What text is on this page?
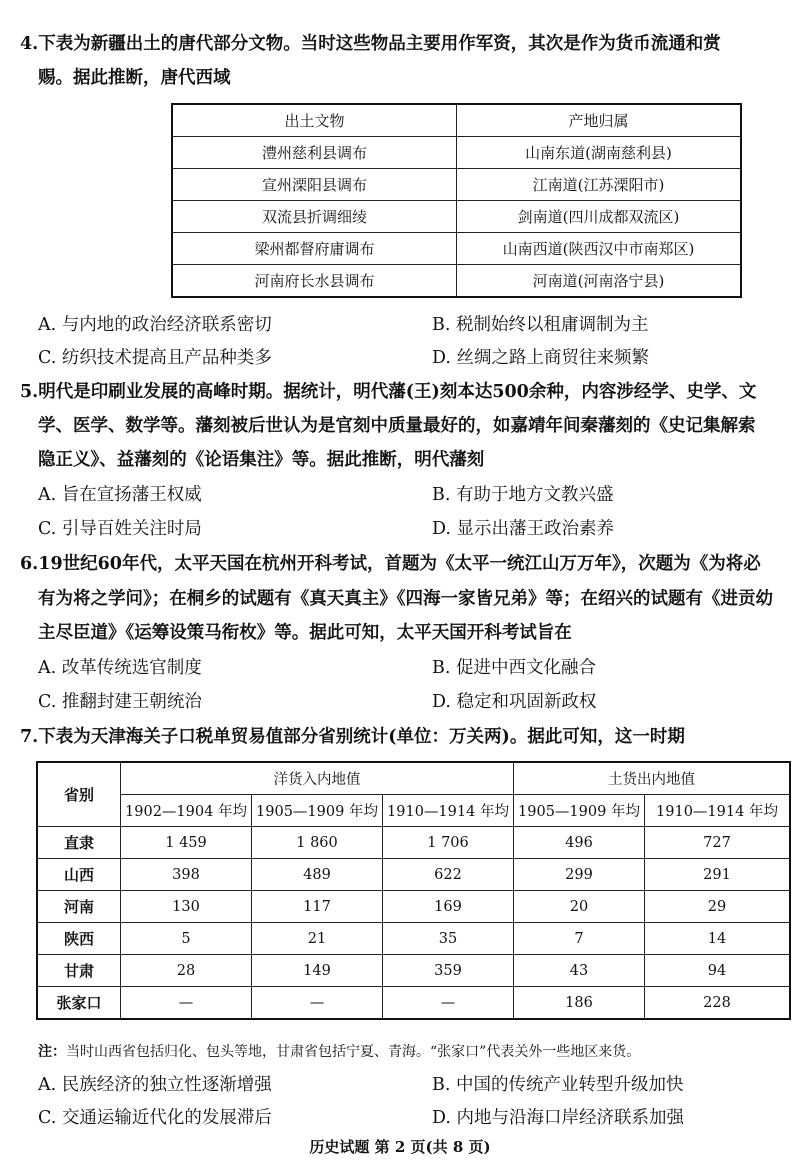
4.下表为新疆出土的唐代部分文物。当时这些物品主要用作军资，其次是作为货币流通和赏
赐。据此推断，唐代西域
出土文物	产地归属
澧州慈利县调布	山南东道(湖南慈利县)
宣州溧阳县调布	江南道(江苏溧阳市)
双流县折调细绫	剑南道(四川成都双流区)
梁州都督府庸调布	山南西道(陕西汉中市南郑区)
河南府长水县调布	河南道(河南洛宁县)
A. 与内地的政治经济联系密切	B. 税制始终以租庸调制为主
C. 纺织技术提高且产品种类多	D. 丝绸之路上商贸往来频繁
5.明代是印刷业发展的高峰时期。据统计，明代藩(王)刻本达500余种，内容涉经学、史学、文
学、医学、数学等。藩刻被后世认为是官刻中质量最好的，如嘉靖年间秦藩刻的《史记集解索
隐正义》、益藩刻的《论语集注》等。据此推断，明代藩刻
A. 旨在宣扬藩王权威	B. 有助于地方文教兴盛
C. 引导百姓关注时局	D. 显示出藩王政治素养
6.19世纪60年代，太平天国在杭州开科考试，首题为《太平一统江山万万年》，次题为《为将必
有为将之学问》；在桐乡的试题有《真天真主》《四海一家皆兄弟》等；在绍兴的试题有《进贡幼
主尽臣道》《运筹设策马衔枚》等。据此可知，太平天国开科考试旨在
A. 改革传统选官制度	B. 促进中西文化融合
C. 推翻封建王朝统治	D. 稳定和巩固新政权
7.下表为天津海关子口税单贸易值部分省别统计(单位：万关两)。据此可知，这一时期
省别	洋货入内地值			土货出内地值	
	1902—1904 年均	1905—1909 年均	1910—1914 年均	1905—1909 年均	1910—1914 年均
直隶	1 459	1 860	1 706	496	727
山西	398	489	622	299	291
河南	130	117	169	20	29
陕西	5	21	35	7	14
甘肃	28	149	359	43	94
张家口	—	—	—	186	228
注：当时山西省包括归化、包头等地，甘肃省包括宁夏、青海。“张家口”代表关外一些地区来货。
A. 民族经济的独立性逐渐增强	B. 中国的传统产业转型升级加快
C. 交通运输近代化的发展滞后	D. 内地与沿海口岸经济联系加强
历史试题 第 2 页(共 8 页)
